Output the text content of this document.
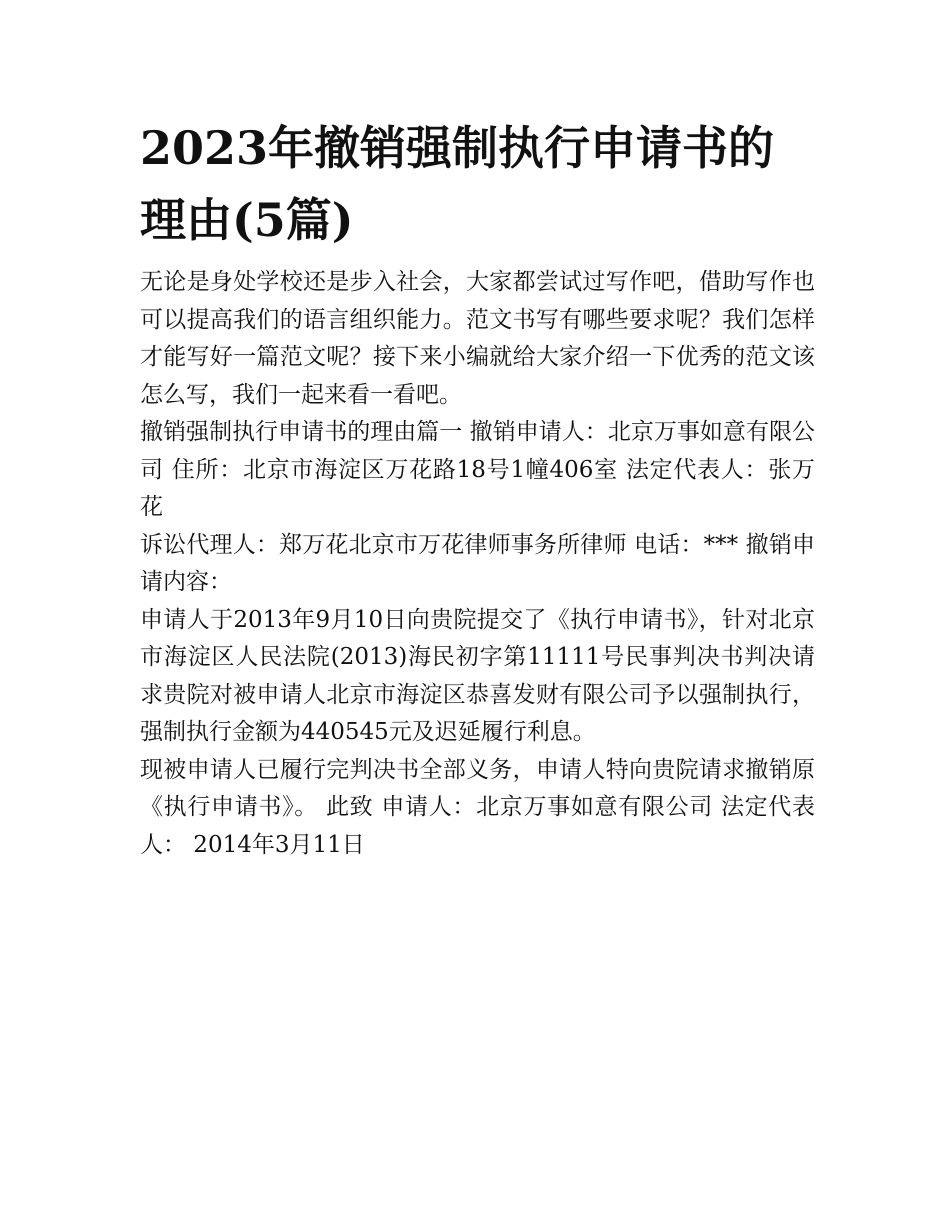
2023年撤销强制执行申请书的理由(5篇)

无论是身处学校还是步入社会，大家都尝试过写作吧，借助写作也可以提高我们的语言组织能力。范文书写有哪些要求呢？我们怎样才能写好一篇范文呢？接下来小编就给大家介绍一下优秀的范文该怎么写，我们一起来看一看吧。

撤销强制执行申请书的理由篇一 撤销申请人：北京万事如意有限公司 住所：北京市海淀区万花路18号1幢406室 法定代表人：张万花

诉讼代理人：郑万花北京市万花律师事务所律师 电话：*** 撤销申请内容：

申请人于2013年9月10日向贵院提交了《执行申请书》，针对北京市海淀区人民法院(2013)海民初字第11111号民事判决书判决请求贵院对被申请人北京市海淀区恭喜发财有限公司予以强制执行，强制执行金额为440545元及迟延履行利息。

现被申请人已履行完判决书全部义务，申请人特向贵院请求撤销原《执行申请书》。 此致 申请人：北京万事如意有限公司 法定代表人： 2014年3月11日
